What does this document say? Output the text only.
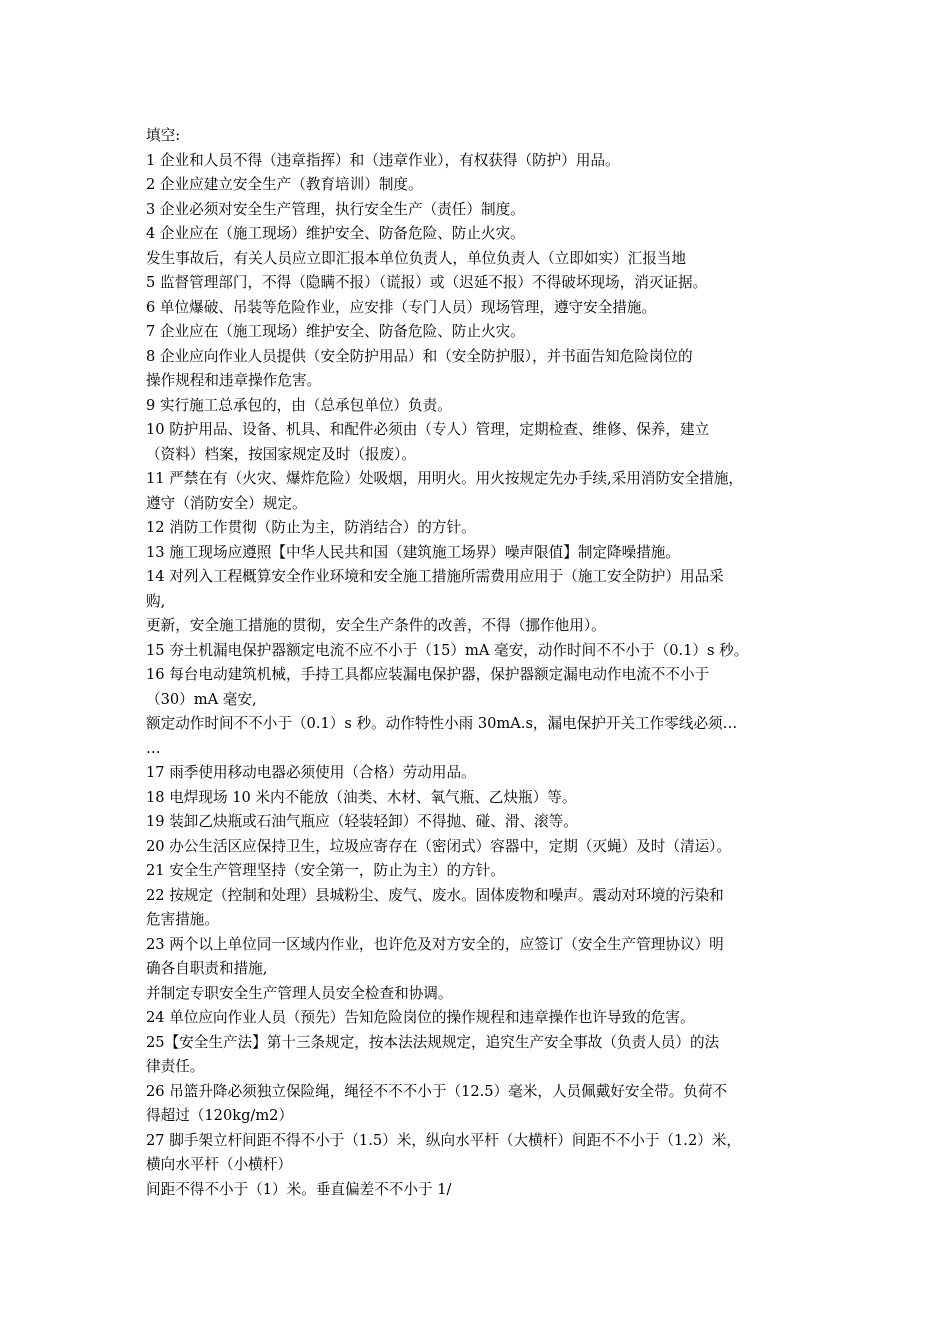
填空:
1 企业和人员不得（违章指挥）和（违章作业），有权获得（防护）用品。
2 企业应建立安全生产（教育培训）制度。
3 企业必须对安全生产管理，执行安全生产（责任）制度。
4 企业应在（施工现场）维护安全、防备危险、防止火灾。
发生事故后，有关人员应立即汇报本单位负责人，单位负责人（立即如实）汇报当地
5 监督管理部门，不得（隐瞒不报）（谎报）或（迟延不报）不得破坏现场，消灭证据。
6 单位爆破、吊装等危险作业，应安排（专门人员）现场管理，遵守安全措施。
7 企业应在（施工现场）维护安全、防备危险、防止火灾。
8 企业应向作业人员提供（安全防护用品）和（安全防护服），并书面告知危险岗位的
操作规程和违章操作危害。
9 实行施工总承包的，由（总承包单位）负责。
10 防护用品、设备、机具、和配件必须由（专人）管理，定期检查、维修、保养，建立
（资料）档案，按国家规定及时（报废）。
11 严禁在有（火灾、爆炸危险）处吸烟，用明火。用火按规定先办手续,采用消防安全措施，
遵守（消防安全）规定。
12 消防工作贯彻（防止为主，防消结合）的方针。
13 施工现场应遵照【中华人民共和国（建筑施工场界）噪声限值】制定降噪措施。
14 对列入工程概算安全作业环境和安全施工措施所需费用应用于（施工安全防护）用品采
购,
更新，安全施工措施的贯彻，安全生产条件的改善，不得（挪作他用）。
15 夯土机漏电保护器额定电流不应不小于（15）mA 毫安，动作时间不不小于（0.1）s 秒。
16 每台电动建筑机械，手持工具都应装漏电保护器，保护器额定漏电动作电流不不小于
（30）mA 毫安,
额定动作时间不不小于（0.1）s 秒。动作特性小雨 30mA.s，漏电保护开关工作零线必须…
…
17 雨季使用移动电器必须使用（合格）劳动用品。
18 电焊现场 10 米内不能放（油类、木材、氧气瓶、乙炔瓶）等。
19 装卸乙炔瓶或石油气瓶应（轻装轻卸）不得抛、碰、滑、滚等。
20 办公生活区应保持卫生，垃圾应寄存在（密闭式）容器中，定期（灭蝇）及时（清运）。
21 安全生产管理坚持（安全第一，防止为主）的方针。
22 按规定（控制和处理）县城粉尘、废气、废水。固体废物和噪声。震动对环境的污染和
危害措施。
23 两个以上单位同一区域内作业，也许危及对方安全的，应签订（安全生产管理协议）明
确各自职责和措施,
并制定专职安全生产管理人员安全检查和协调。
24 单位应向作业人员（预先）告知危险岗位的操作规程和违章操作也许导致的危害。
25【安全生产法】第十三条规定，按本法法规规定，追究生产安全事故（负责人员）的法
律责任。
26 吊篮升降必须独立保险绳，绳径不不不小于（12.5）毫米，人员佩戴好安全带。负荷不
得超过（120kg/m2）
27 脚手架立杆间距不得不小于（1.5）米，纵向水平杆（大横杆）间距不不小于（1.2）米，
横向水平杆（小横杆）
间距不得不小于（1）米。垂直偏差不不小于 1/
